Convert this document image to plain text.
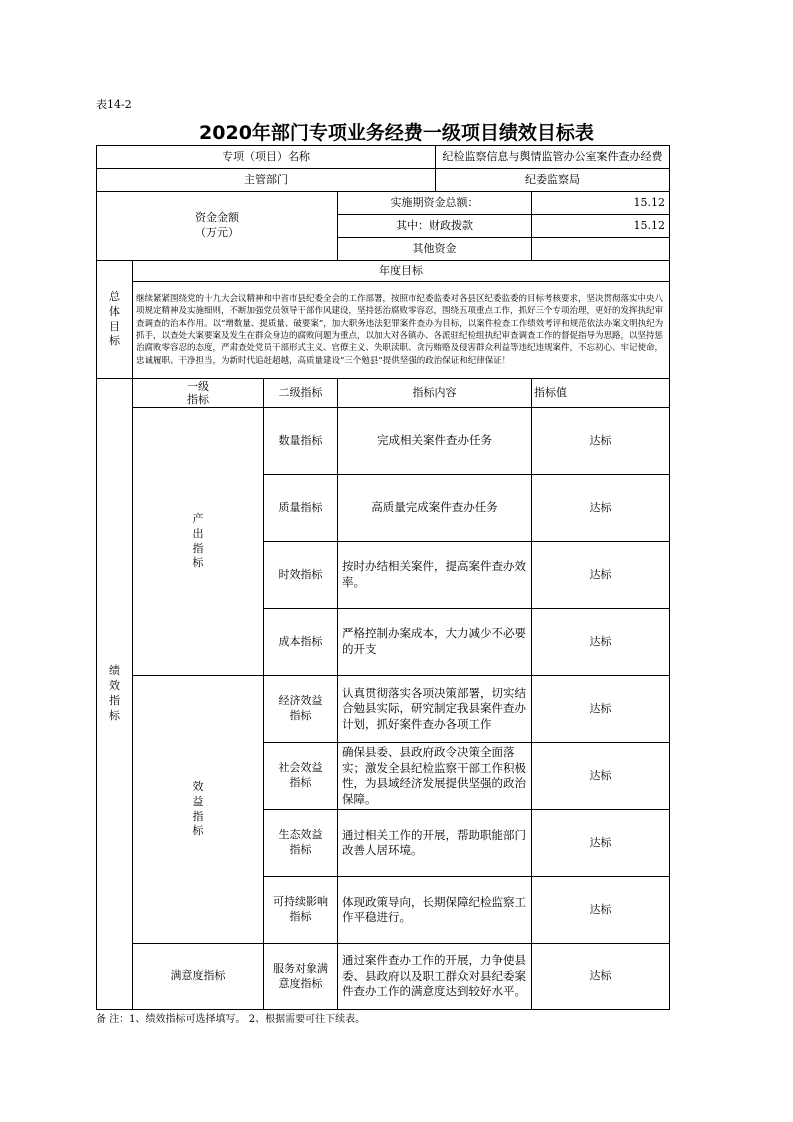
表14-2
2020年部门专项业务经费一级项目绩效目标表
专项（项目）名称				纪检监察信息与舆情监管办公室案件查办经费	
主管部门				纪委监察局	

资金金额
（万元）			实施期资金总额：		15.12
			其中：财政拨款		15.12
			其他资金		
总体目标	年度目标				
	继续紧紧围绕党的十九大会议精神和中省市县纪委全会的工作部署，按照市纪委监委对各县区纪委监委的目标考核要求，坚决贯彻落实中央八项规定精神及实施细则，不断加强党员领导干部作风建设，坚持惩治腐败零容忍，围绕五项重点工作，抓好三个专项治理，更好的发挥执纪审查调查的治本作用。以“增数量、提质量、破要案”，加大职务违法犯罪案件查办为目标，以案件检查工作绩效考评和规范依法办案文明执纪为抓手，以查处大案要案及发生在群众身边的腐败问题为重点，以加大对各镇办、各派驻纪检组执纪审查调查工作的督促指导为思路，以坚持惩治腐败零容忍的态度，严肃查处党员干部形式主义、官僚主义、失职渎职、贪污贿赂及侵害群众利益等违纪违规案件，不忘初心、牢记使命，忠诚履职、干净担当，为新时代追赶超越，高质量建设“三个勉县”提供坚强的政治保证和纪律保证！				
绩效指标	一级
指标	二级指标	指标内容		指标值
	产出指标	数量指标	完成相关案件查办任务		达标
		质量指标	高质量完成案件查办任务		达标
		时效指标	按时办结相关案件，提高案件查办效率。		达标
		成本指标	严格控制办案成本，大力减少不必要的开支		达标
	效益指标	经济效益指标	认真贯彻落实各项决策部署，切实结合勉县实际，研究制定我县案件查办计划，抓好案件查办各项工作		达标
		社会效益指标	确保县委、县政府政令决策全面落实；激发全县纪检监察干部工作积极性，为县域经济发展提供坚强的政治保障。		达标
		生态效益指标	通过相关工作的开展，帮助职能部门改善人居环境。		达标
		可持续影响指标	体现政策导向，长期保障纪检监察工作平稳进行。		达标
	满意度指标	服务对象满意度指标	通过案件查办工作的开展，力争使县委、县政府以及职工群众对县纪委案件查办工作的满意度达到较好水平。		达标
备 注：1、绩效指标可选择填写。 2、根据需要可往下续表。
